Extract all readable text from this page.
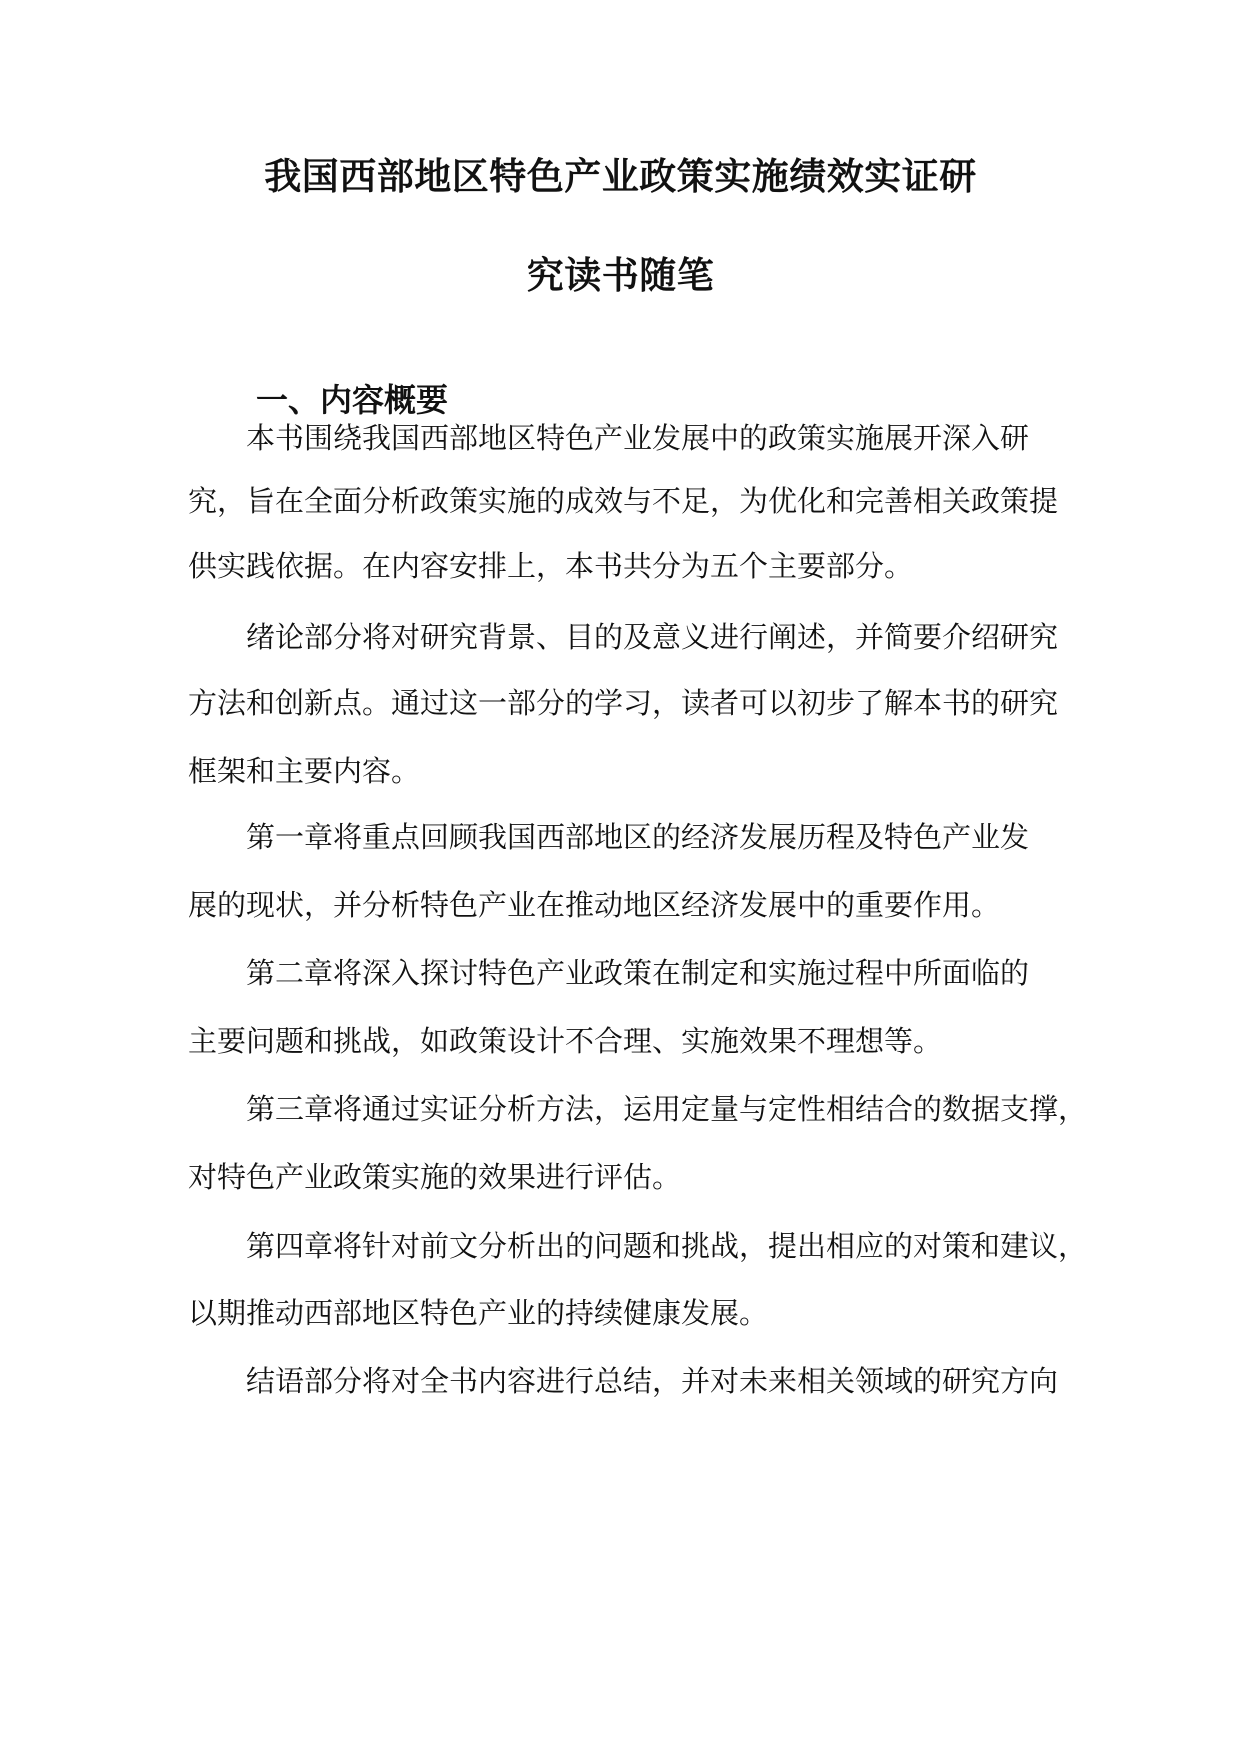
我国西部地区特色产业政策实施绩效实证研
究读书随笔
一、内容概要
本书围绕我国西部地区特色产业发展中的政策实施展开深入研
究，旨在全面分析政策实施的成效与不足，为优化和完善相关政策提
供实践依据。在内容安排上，本书共分为五个主要部分。
绪论部分将对研究背景、目的及意义进行阐述，并简要介绍研究
方法和创新点。通过这一部分的学习，读者可以初步了解本书的研究
框架和主要内容。
第一章将重点回顾我国西部地区的经济发展历程及特色产业发
展的现状，并分析特色产业在推动地区经济发展中的重要作用。
第二章将深入探讨特色产业政策在制定和实施过程中所面临的
主要问题和挑战，如政策设计不合理、实施效果不理想等。
第三章将通过实证分析方法，运用定量与定性相结合的数据支撑，
对特色产业政策实施的效果进行评估。
第四章将针对前文分析出的问题和挑战，提出相应的对策和建议，
以期推动西部地区特色产业的持续健康发展。
结语部分将对全书内容进行总结，并对未来相关领域的研究方向
